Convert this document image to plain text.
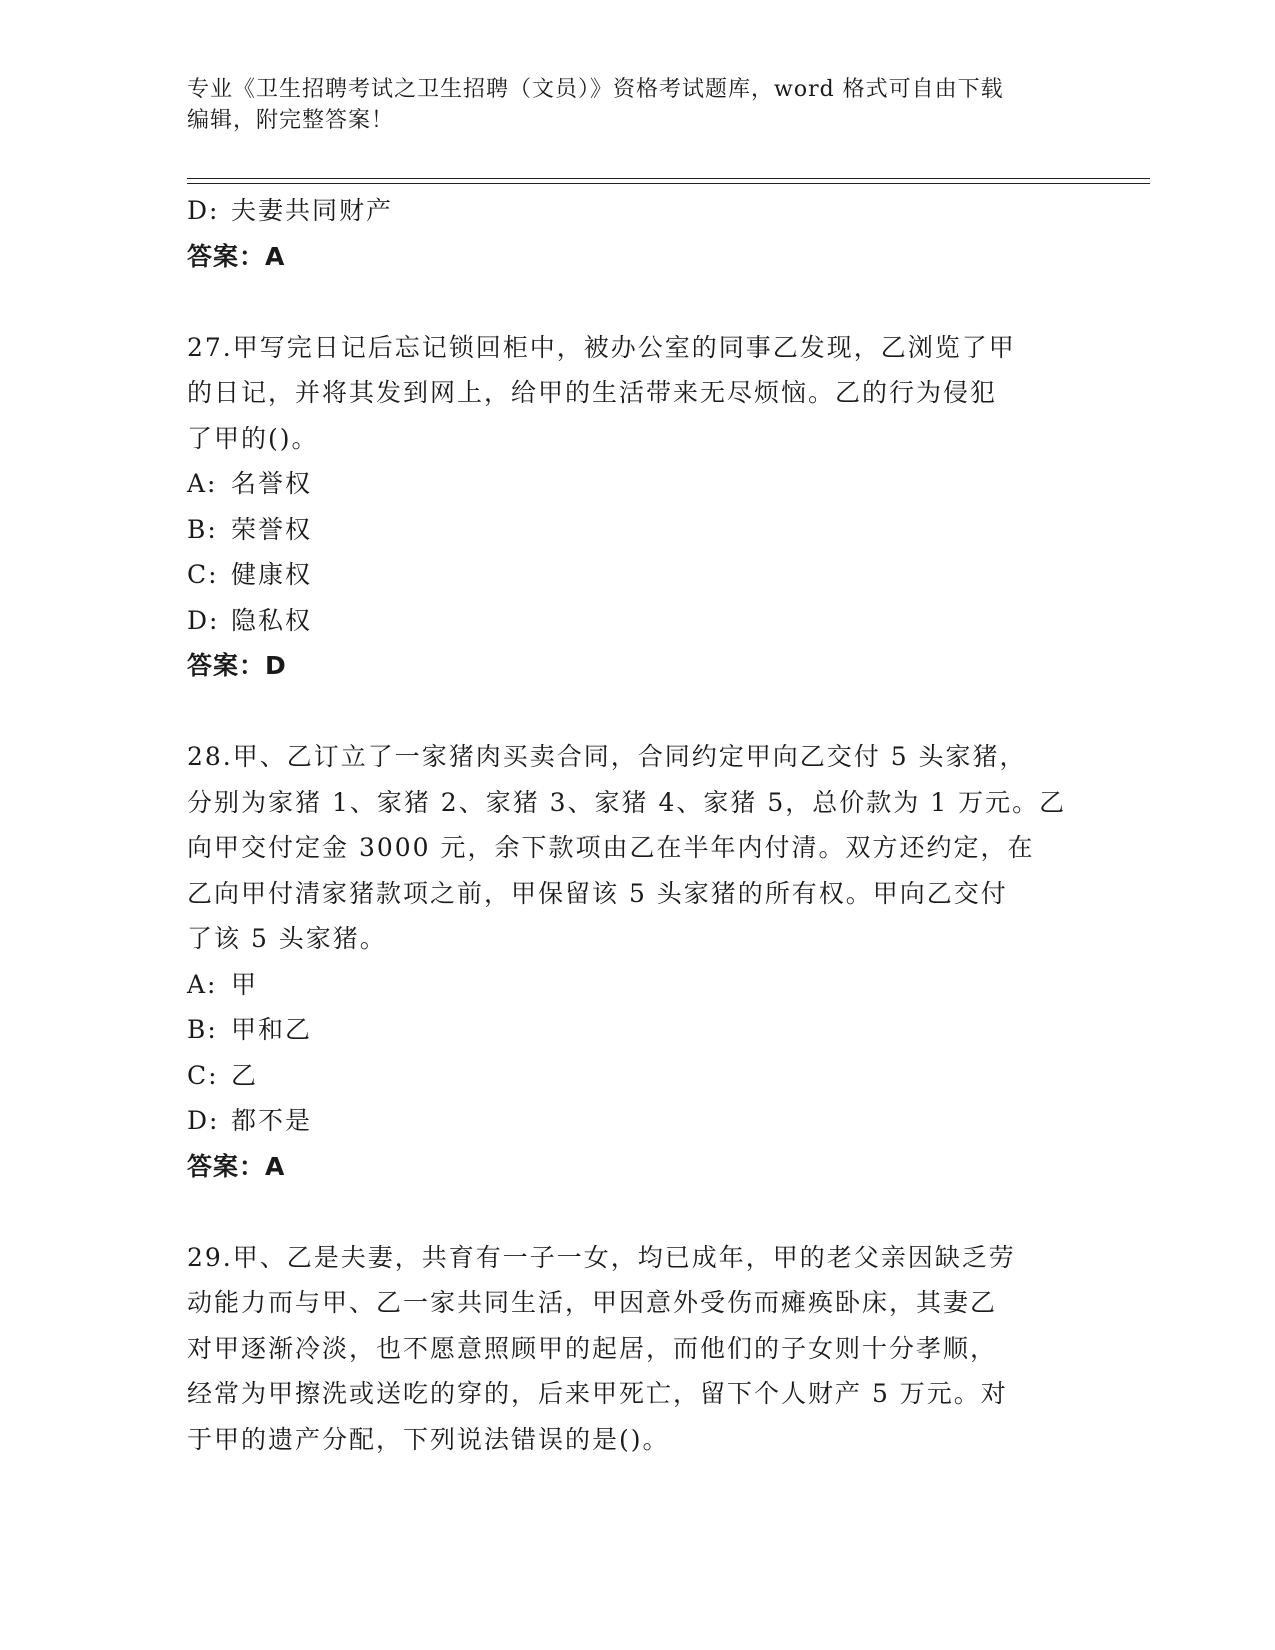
专业《卫生招聘考试之卫生招聘（文员）》资格考试题库，word 格式可自由下载
编辑，附完整答案！
D: 夫妻共同财产
答案：A
27.甲写完日记后忘记锁回柜中，被办公室的同事乙发现，乙浏览了甲
的日记，并将其发到网上，给甲的生活带来无尽烦恼。乙的行为侵犯
了甲的()。
A: 名誉权
B: 荣誉权
C: 健康权
D: 隐私权
答案：D
28.甲、乙订立了一家猪肉买卖合同，合同约定甲向乙交付 5 头家猪，
分别为家猪 1、家猪 2、家猪 3、家猪 4、家猪 5，总价款为 1 万元。乙
向甲交付定金 3000 元，余下款项由乙在半年内付清。双方还约定，在
乙向甲付清家猪款项之前，甲保留该 5 头家猪的所有权。甲向乙交付
了该 5 头家猪。
A: 甲
B: 甲和乙
C: 乙
D: 都不是
答案：A
29.甲、乙是夫妻，共育有一子一女，均已成年，甲的老父亲因缺乏劳
动能力而与甲、乙一家共同生活，甲因意外受伤而瘫痪卧床，其妻乙
对甲逐渐冷淡，也不愿意照顾甲的起居，而他们的子女则十分孝顺，
经常为甲擦洗或送吃的穿的，后来甲死亡，留下个人财产 5 万元。对
于甲的遗产分配，下列说法错误的是()。
